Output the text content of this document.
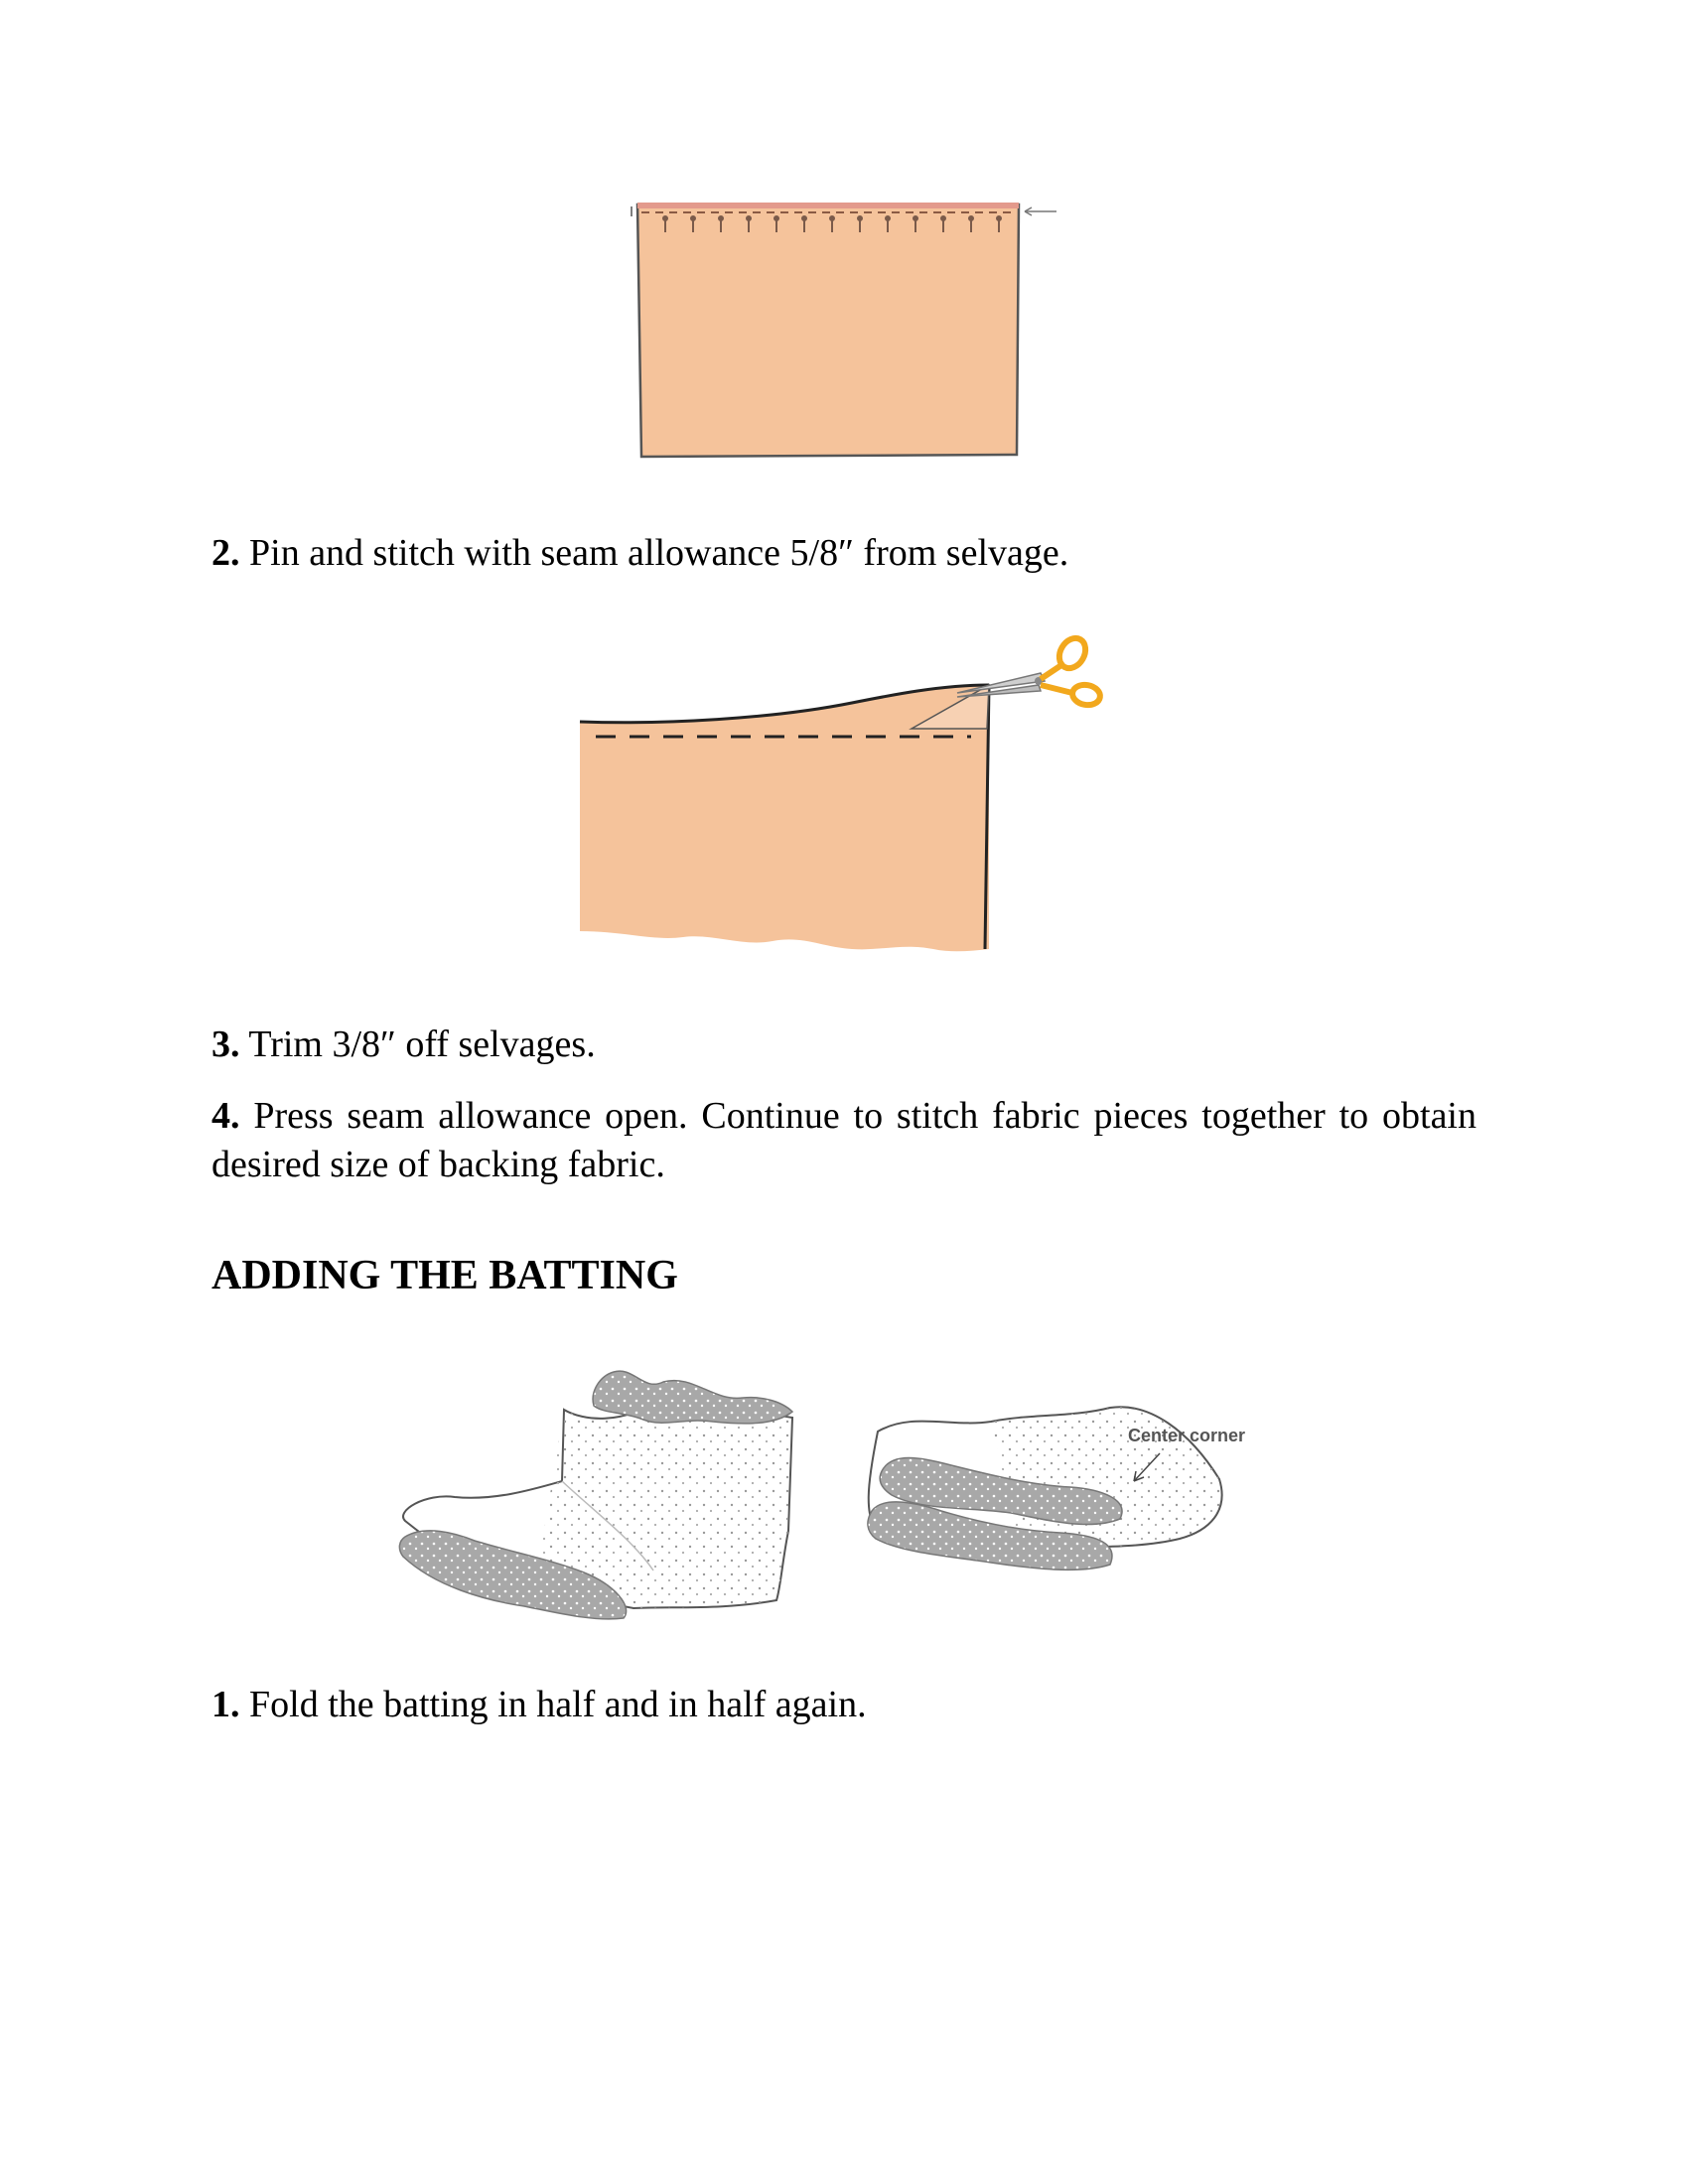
2. Pin and stitch with seam allowance 5/8″ from selvage.

3. Trim 3/8″ off selvages.

4. Press seam allowance open. Continue to stitch fabric pieces together to obtain desired size of backing fabric.

ADDING THE BATTING
Center corner

1. Fold the batting in half and in half again.
